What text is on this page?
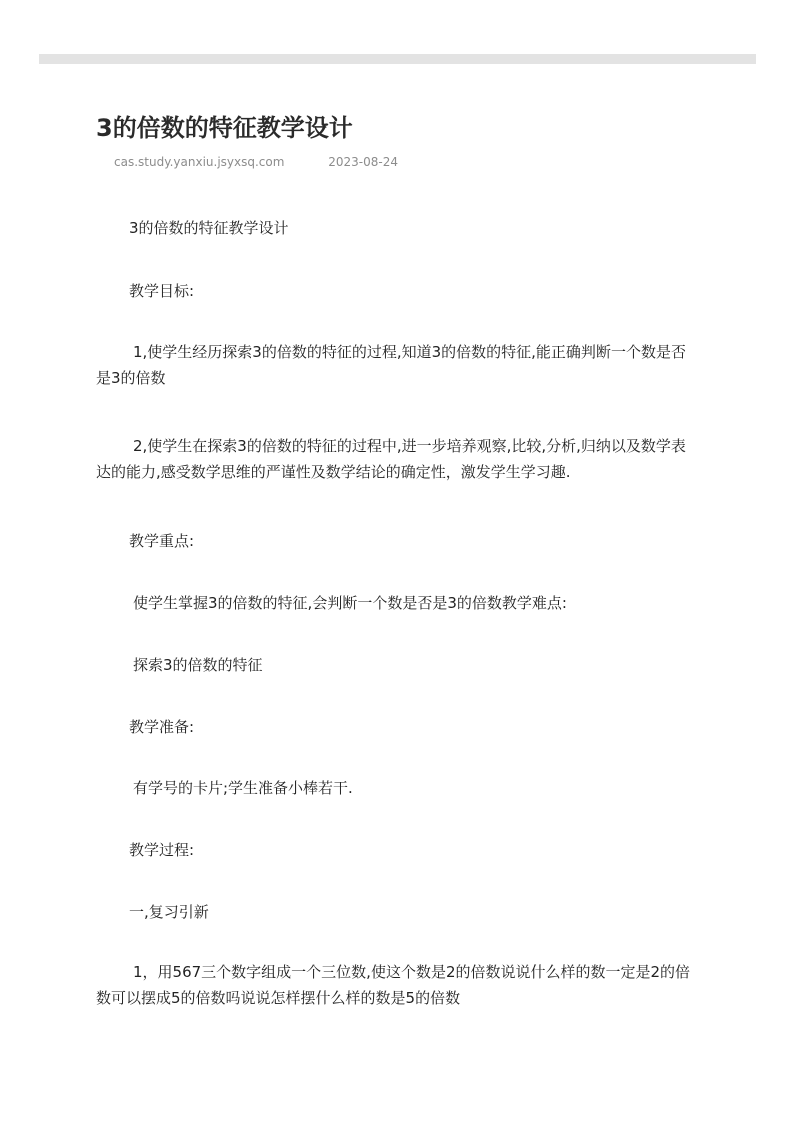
3的倍数的特征教学设计
cas.study.yanxiu.jsyxsq.com	2023-08-24
3的倍数的特征教学设计
教学目标:
1,使学生经历探索3的倍数的特征的过程,知道3的倍数的特征,能正确判断一个数是否是3的倍数
2,使学生在探索3的倍数的特征的过程中,进一步培养观察,比较,分析,归纳以及数学表达的能力,感受数学思维的严谨性及数学结论的确定性，激发学生学习趣.
教学重点:
使学生掌握3的倍数的特征,会判断一个数是否是3的倍数教学难点:
探索3的倍数的特征
教学准备:
有学号的卡片;学生准备小棒若干.
教学过程:
一,复习引新
1，用567三个数字组成一个三位数,使这个数是2的倍数说说什么样的数一定是2的倍数可以摆成5的倍数吗说说怎样摆什么样的数是5的倍数
